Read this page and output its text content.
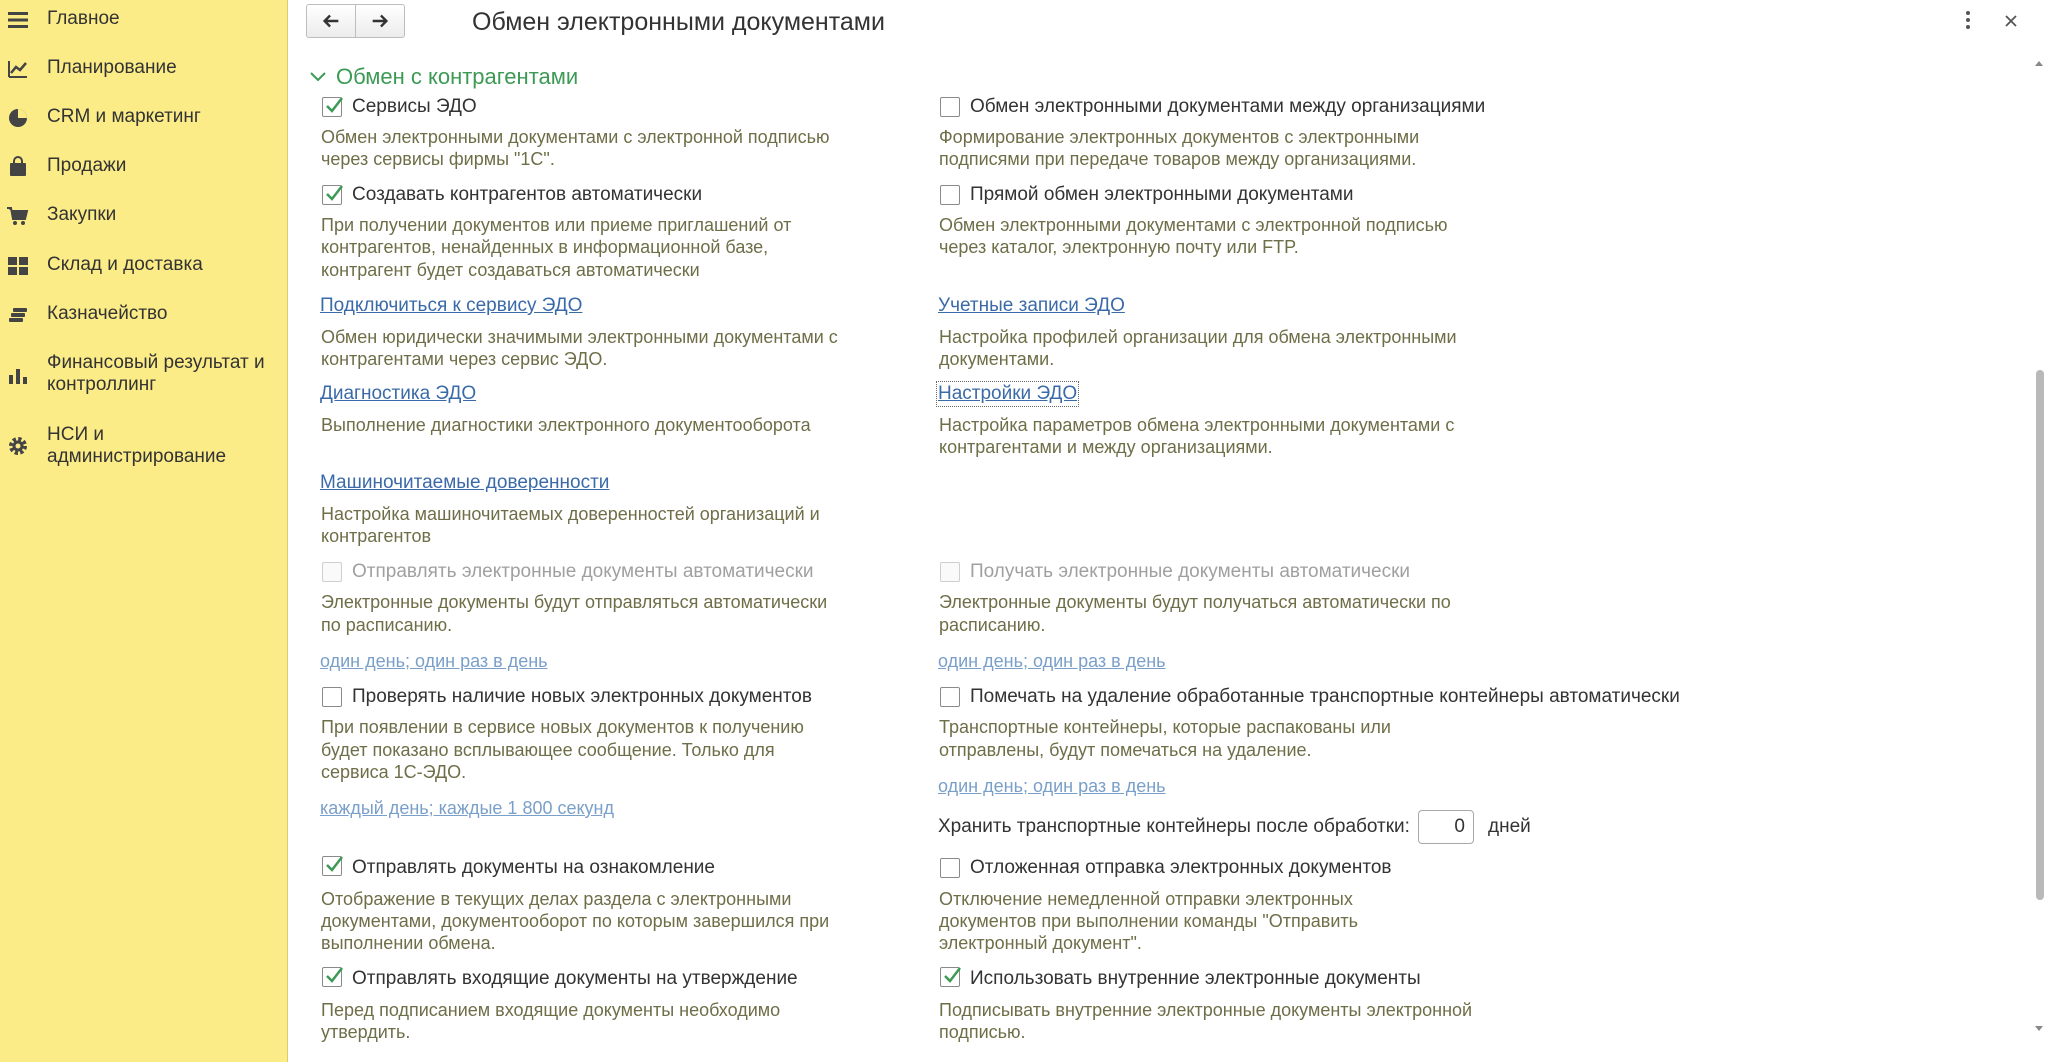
Главное
Планирование
CRM и маркетинг
Продажи
Закупки
Склад и доставка
Казначейство
Финансовый результат и
контроллинг
НСИ и
администрирование
Обмен электронными документами
Обмен с контрагентами
Сервисы ЭДО
Обмен электронными документами с электронной подписью
через сервисы фирмы "1С".
Создавать контрагентов автоматически
При получении документов или приеме приглашений от
контрагентов, ненайденных в информационной базе,
контрагент будет создаваться автоматически
Подключиться к сервису ЭДО
Обмен юридически значимыми электронными документами с
контрагентами через сервис ЭДО.
Диагностика ЭДО
Выполнение диагностики электронного документооборота
Машиночитаемые доверенности
Настройка машиночитаемых доверенностей организаций и
контрагентов
Отправлять электронные документы автоматически
Электронные документы будут отправляться автоматически
по расписанию.
один день; один раз в день
Проверять наличие новых электронных документов
При появлении в сервисе новых документов к получению
будет показано всплывающее сообщение. Только для
сервиса 1С-ЭДО.
каждый день; каждые 1 800 секунд
Отправлять документы на ознакомление
Отображение в текущих делах раздела с электронными
документами, документооборот по которым завершился при
выполнении обмена.
Отправлять входящие документы на утверждение
Перед подписанием входящие документы необходимо
утвердить.
Обмен электронными документами между организациями
Формирование электронных документов с электронными
подписями при передаче товаров между организациями.
Прямой обмен электронными документами
Обмен электронными документами с электронной подписью
через каталог, электронную почту или FTP.
Учетные записи ЭДО
Настройка профилей организации для обмена электронными
документами.
Настройки ЭДО
Настройка параметров обмена электронными документами с
контрагентами и между организациями.
Получать электронные документы автоматически
Электронные документы будут получаться автоматически по
расписанию.
один день; один раз в день
Помечать на удаление обработанные транспортные контейнеры автоматически
Транспортные контейнеры, которые распакованы или
отправлены, будут помечаться на удаление.
один день; один раз в день
Хранить транспортные контейнеры после обработки:
0	дней
Отложенная отправка электронных документов
Отключение немедленной отправки электронных
документов при выполнении команды "Отправить
электронный документ".
Использовать внутренние электронные документы
Подписывать внутренние электронные документы электронной
подписью.
